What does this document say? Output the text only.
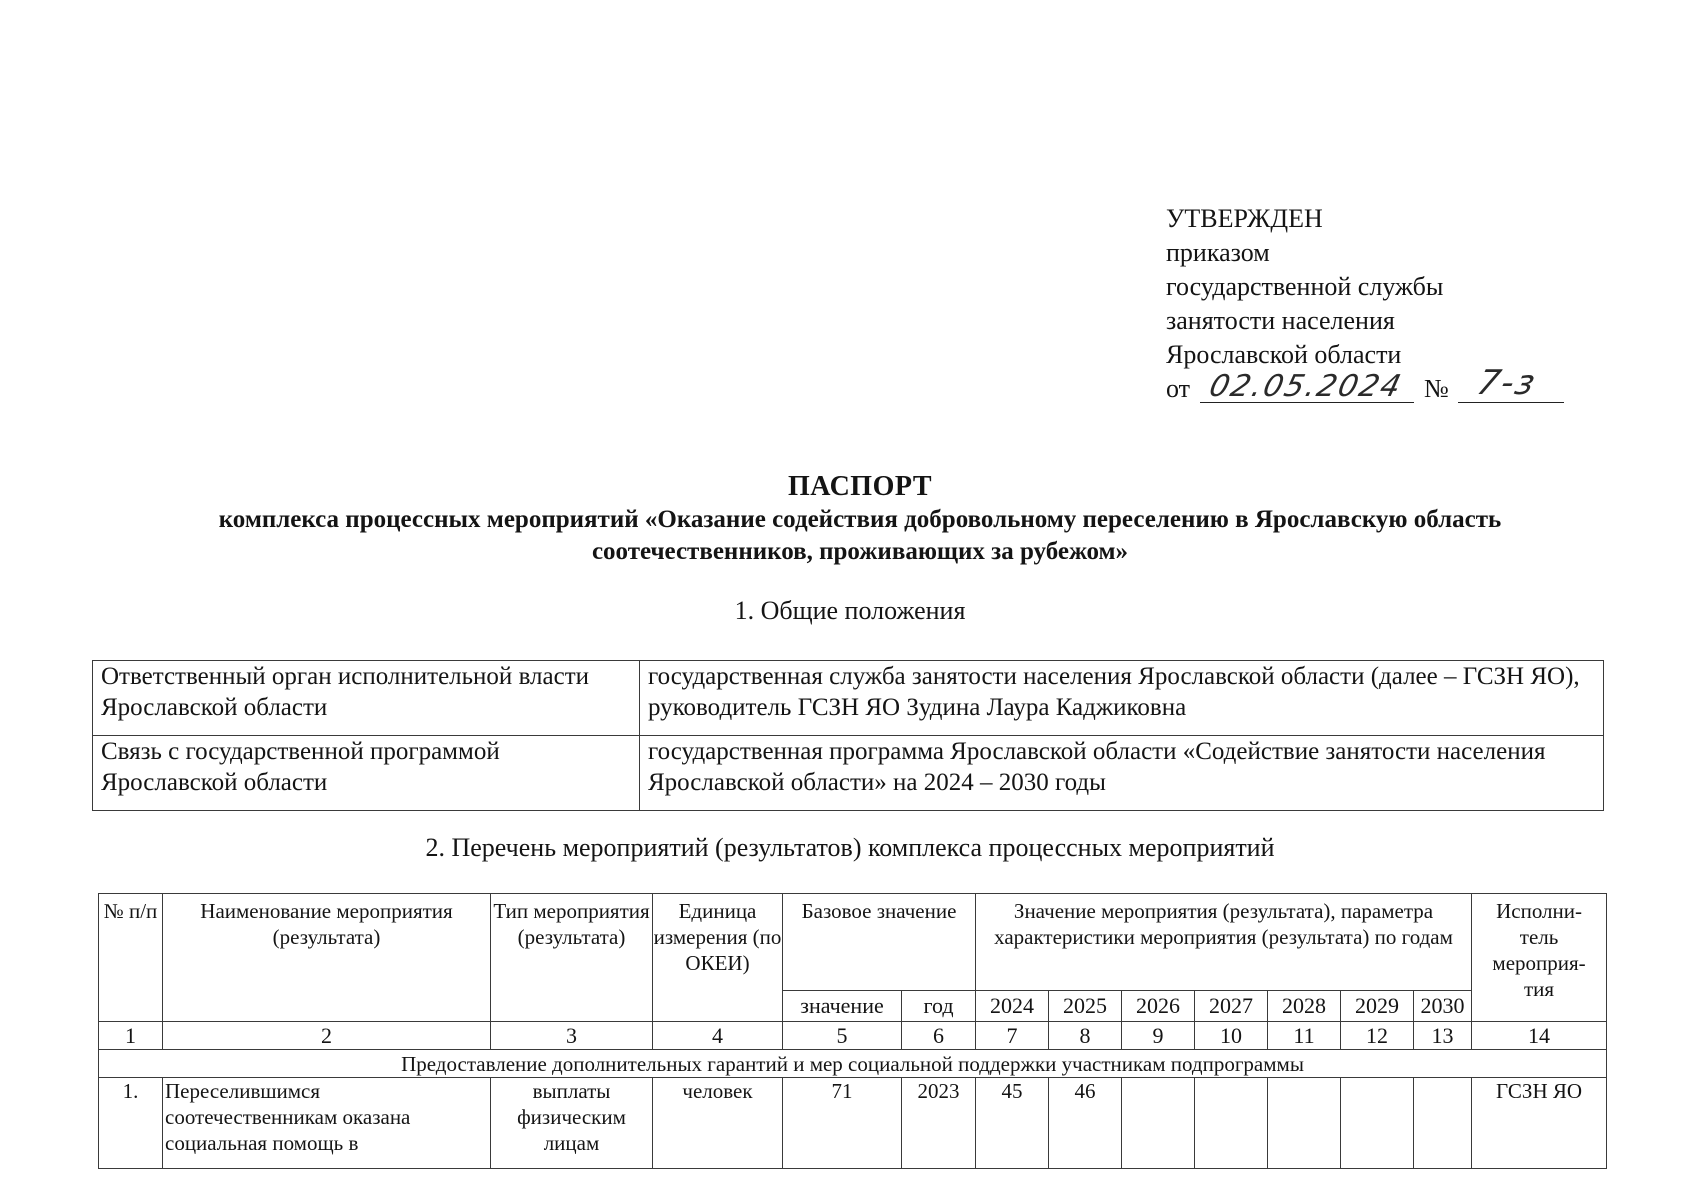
УТВЕРЖДЕН
приказом
государственной службы
занятости населения
Ярославской области
от 02.05.2024 № 7-з
ПАСПОРТ
комплекса процессных мероприятий «Оказание содействия добровольному переселению в Ярославскую область
соотечественников, проживающих за рубежом»
1. Общие положения
Ответственный орган исполнительной власти Ярославской области	государственная служба занятости населения Ярославской области (далее – ГСЗН ЯО), руководитель ГСЗН ЯО Зудина Лаура Каджиковна
Связь с государственной программой Ярославской области	государственная программа Ярославской области «Содействие занятости населения Ярославской области» на 2024 – 2030 годы
2. Перечень мероприятий (результатов) комплекса процессных мероприятий
№ п/п	Наименование мероприятия (результата)	Тип мероприятия (результата)	Единица измерения (по ОКЕИ)	Базовое значение		Значение мероприятия (результата), параметра характеристики мероприятия (результата) по годам							Исполни-тель мероприя-тия
				значение	год	2024	2025	2026	2027	2028	2029	2030	
1	2	3	4	5	6	7	8	9	10	11	12	13	14
Предоставление дополнительных гарантий и мер социальной поддержки участникам подпрограммы													
1.	Переселившимся соотечественникам оказана социальная помощь в	выплаты физическим лицам	человек	71	2023	45	46						ГСЗН ЯО
